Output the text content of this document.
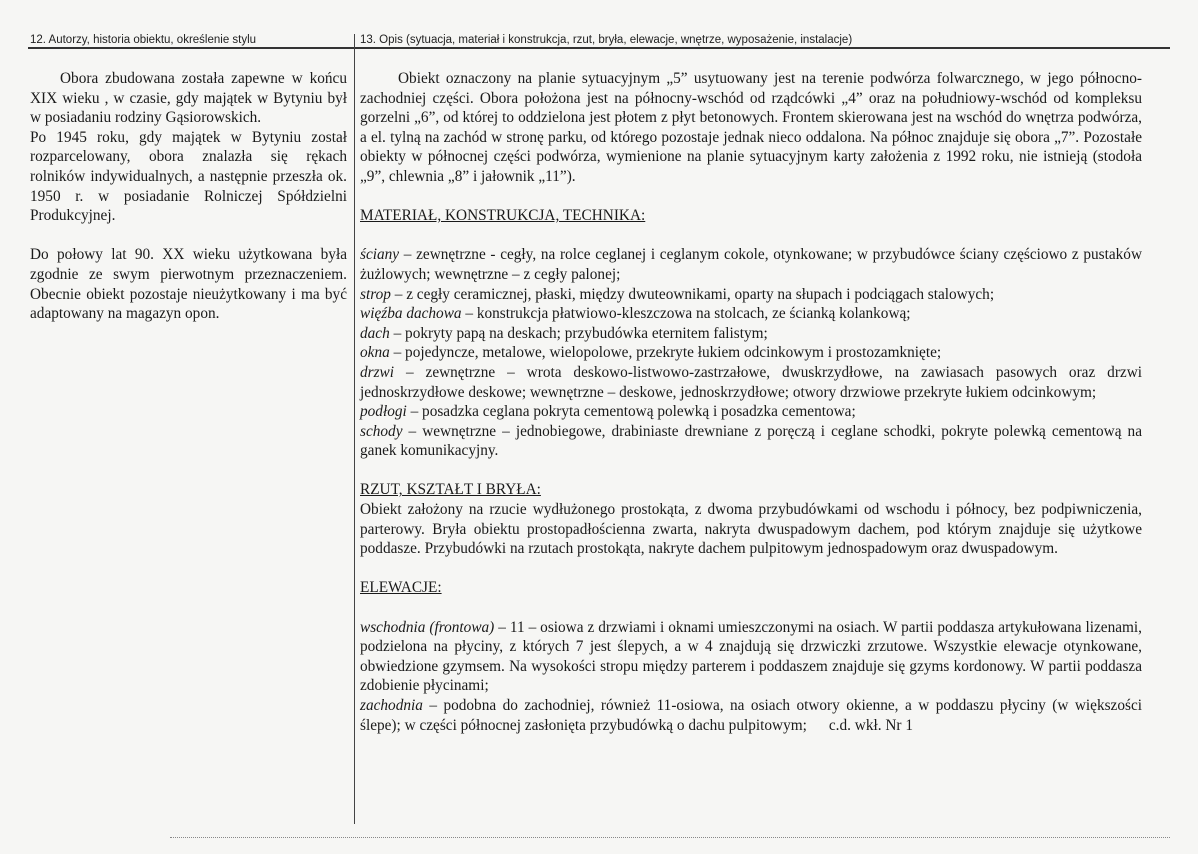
12. Autorzy, historia obiektu, określenie stylu	13. Opis (sytuacja, materiał i konstrukcja, rzut, bryła, elewacje, wnętrze, wyposażenie, instalacje)

Obora zbudowana została zapewne w końcu XIX wieku , w czasie, gdy majątek w Bytyniu był w posiadaniu rodziny Gąsiorowskich.

Po 1945 roku, gdy majątek w Bytyniu został rozparcelowany, obora znalazła się rękach rolników indywidualnych, a następnie przeszła ok. 1950 r. w posiadanie Rolniczej Spółdzielni Produkcyjnej.

Do połowy lat 90. XX wieku użytkowana była zgodnie ze swym pierwotnym przeznaczeniem. Obecnie obiekt pozostaje nieużytkowany i ma być adaptowany na magazyn opon.

Obiekt oznaczony na planie sytuacyjnym „5” usytuowany jest na terenie podwórza folwarcznego, w jego północno-zachodniej części. Obora położona jest na północny-wschód od rządcówki „4” oraz na południowy-wschód od kompleksu gorzelni „6”, od której to oddzielona jest płotem z płyt betonowych. Frontem skierowana jest na wschód do wnętrza podwórza, a el. tylną na zachód w stronę parku, od którego pozostaje jednak nieco oddalona. Na północ znajduje się obora „7”. Pozostałe obiekty w północnej części podwórza, wymienione na planie sytuacyjnym karty założenia z 1992 roku, nie istnieją (stodoła „9”, chlewnia „8” i jałownik „11”).

MATERIAŁ, KONSTRUKCJA, TECHNIKA:

ściany – zewnętrzne - cegły, na rolce ceglanej i ceglanym cokole, otynkowane; w przybudówce ściany częściowo z pustaków żużlowych; wewnętrzne – z cegły palonej;

strop – z cegły ceramicznej, płaski, między dwuteownikami, oparty na słupach i podciągach stalowych;

więźba dachowa – konstrukcja płatwiowo-kleszczowa na stolcach, ze ścianką kolankową;

dach – pokryty papą na deskach; przybudówka eternitem falistym;

okna – pojedyncze, metalowe, wielopolowe, przekryte łukiem odcinkowym i prostozamknięte;

drzwi – zewnętrzne – wrota deskowo-listwowo-zastrzałowe, dwuskrzydłowe, na zawiasach pasowych oraz drzwi jednoskrzydłowe deskowe; wewnętrzne – deskowe, jednoskrzydłowe; otwory drzwiowe przekryte łukiem odcinkowym;

podłogi – posadzka ceglana pokryta cementową polewką i posadzka cementowa;

schody – wewnętrzne – jednobiegowe, drabiniaste drewniane z poręczą i ceglane schodki, pokryte polewką cementową na ganek komunikacyjny.

RZUT, KSZTAŁT I BRYŁA:

Obiekt założony na rzucie wydłużonego prostokąta, z dwoma przybudówkami od wschodu i północy, bez podpiwniczenia, parterowy. Bryła obiektu prostopadłościenna zwarta, nakryta dwuspadowym dachem, pod którym znajduje się użytkowe poddasze. Przybudówki na rzutach prostokąta, nakryte dachem pulpitowym jednospadowym oraz dwuspadowym.

ELEWACJE:

wschodnia (frontowa) – 11 – osiowa z drzwiami i oknami umieszczonymi na osiach. W partii poddasza artykułowana lizenami, podzielona na płyciny, z których 7 jest ślepych, a w 4 znajdują się drzwiczki zrzutowe. Wszystkie elewacje otynkowane, obwiedzione gzymsem. Na wysokości stropu między parterem i poddaszem znajduje się gzyms kordonowy. W partii poddasza zdobienie płycinami;

zachodnia – podobna do zachodniej, również 11-osiowa, na osiach otwory okienne, a w poddaszu płyciny (w większości ślepe); w części północnej zasłonięta przybudówką o dachu pulpitowym; c.d. wkł. Nr 1
